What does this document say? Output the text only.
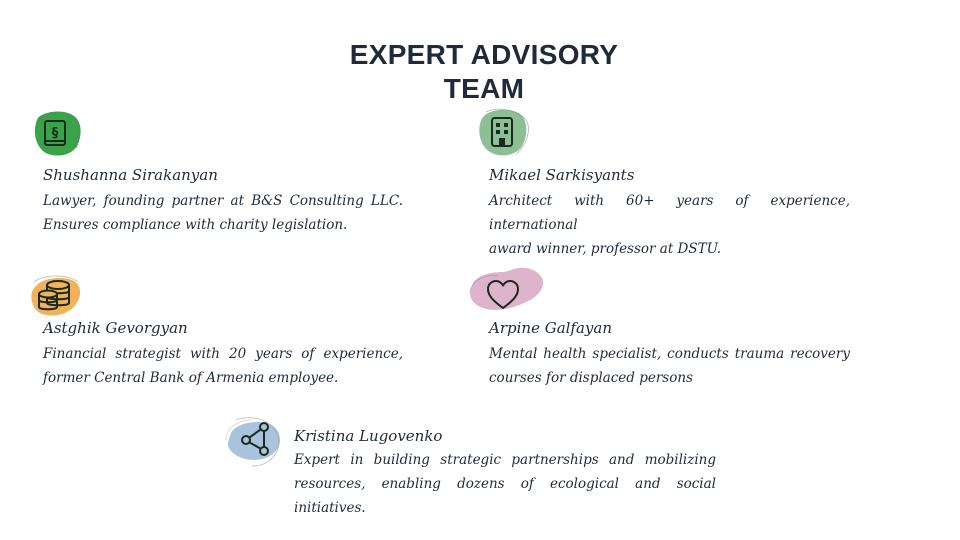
EXPERT ADVISORY
TEAM
§
Shushanna Sirakanyan
Lawyer, founding partner at B&S Consulting LLC.
Ensures compliance with charity legislation.
Mikael Sarkisyants
Architect with 60+ years of experience, international
award winner, professor at DSTU.
Astghik Gevorgyan
Financial strategist with 20 years of experience,
former Central Bank of Armenia employee.
Arpine Galfayan
Mental health specialist, conducts trauma recovery
courses for displaced persons
Kristina Lugovenko
Expert in building strategic partnerships and mobilizing
resources, enabling dozens of ecological and social initiatives.
